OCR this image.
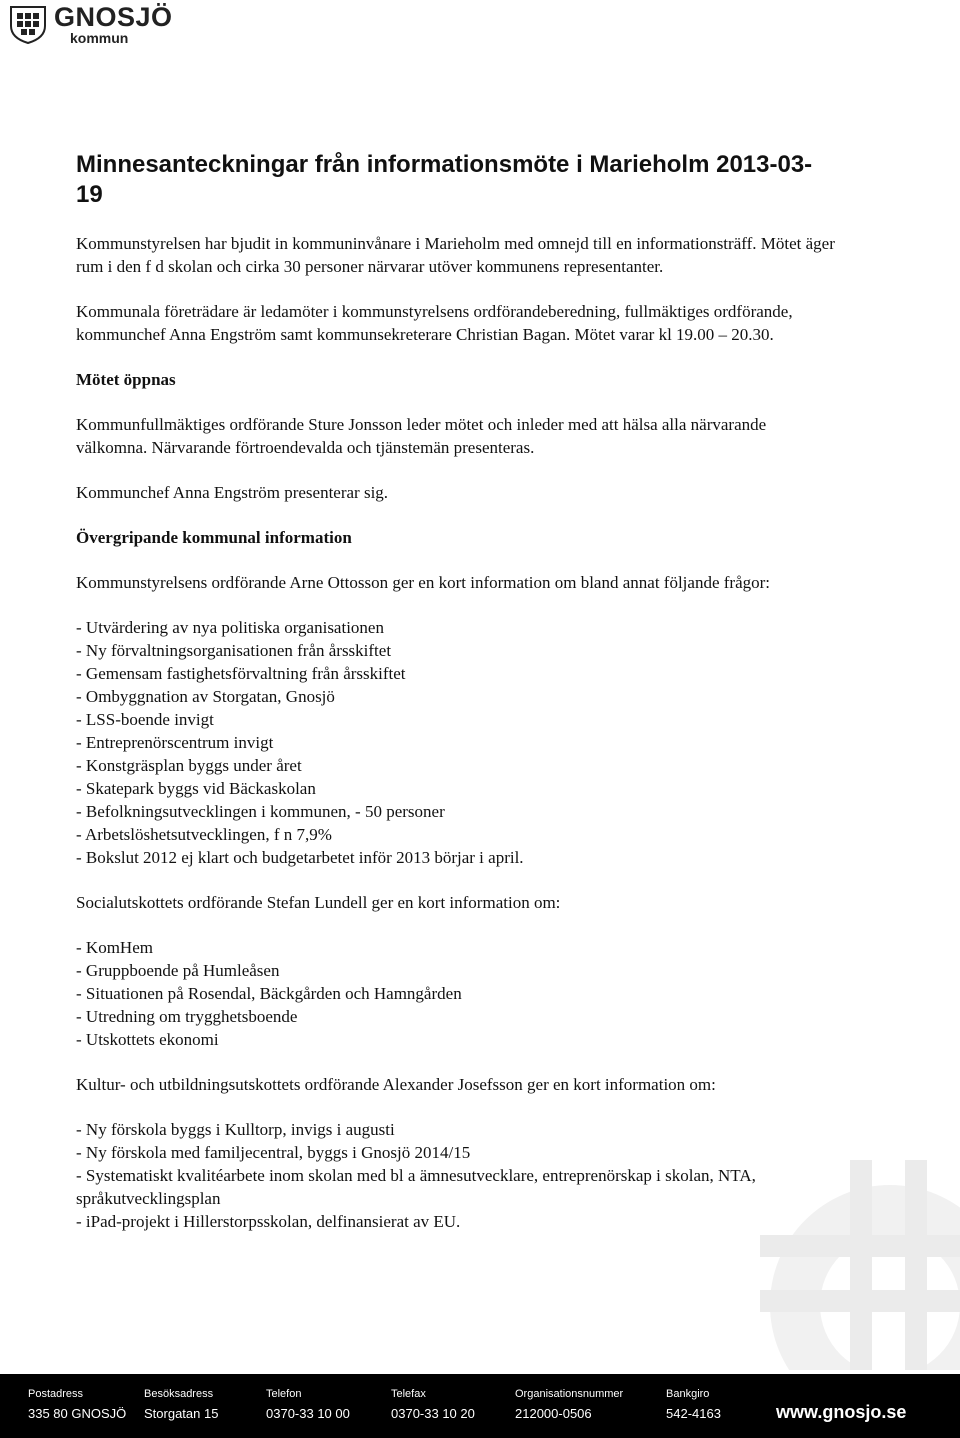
GNOSJÖ
kommun
Minnesanteckningar från informationsmöte i Marieholm 2013-03-19

Kommunstyrelsen har bjudit in kommuninvånare i Marieholm med omnejd till en informationsträff. Mötet äger rum i den f d skolan och cirka 30 personer närvarar utöver kommunens representanter.

Kommunala företrädare är ledamöter i kommunstyrelsens ordförandeberedning, fullmäktiges ordförande, kommunchef Anna Engström samt kommunsekreterare Christian Bagan. Mötet varar kl 19.00 – 20.30.

Mötet öppnas

Kommunfullmäktiges ordförande Sture Jonsson leder mötet och inleder med att hälsa alla närvarande välkomna. Närvarande förtroendevalda och tjänstemän presenteras.

Kommunchef Anna Engström presenterar sig.

Övergripande kommunal information

Kommunstyrelsens ordförande Arne Ottosson ger en kort information om bland annat följande frågor:

- Utvärdering av nya politiska organisationen
- Ny förvaltningsorganisationen från årsskiftet
- Gemensam fastighetsförvaltning från årsskiftet
- Ombyggnation av Storgatan, Gnosjö
- LSS-boende invigt
- Entreprenörscentrum invigt
- Konstgräsplan byggs under året
- Skatepark byggs vid Bäckaskolan
- Befolkningsutvecklingen i kommunen, - 50 personer
- Arbetslöshetsutvecklingen, f n 7,9%
- Bokslut 2012 ej klart och budgetarbetet inför 2013 börjar i april.

Socialutskottets ordförande Stefan Lundell ger en kort information om:

- KomHem
- Gruppboende på Humleåsen
- Situationen på Rosendal, Bäckgården och Hamngården
- Utredning om trygghetsboende
- Utskottets ekonomi

Kultur- och utbildningsutskottets ordförande Alexander Josefsson ger en kort information om:

- Ny förskola byggs i Kulltorp, invigs i augusti
- Ny förskola med familjecentral, byggs i Gnosjö 2014/15
- Systematiskt kvalitéarbete inom skolan med bl a ämnesutvecklare, entreprenörskap i skolan, NTA, språkutvecklingsplan
- iPad-projekt i Hillerstorpsskolan, delfinansierat av EU.
Postadress
335 80 GNOSJÖ
Besöksadress
Storgatan 15
Telefon
0370-33 10 00
Telefax
0370-33 10 20
Organisationsnummer
212000-0506
Bankgiro
542-4163	www.gnosjo.se
